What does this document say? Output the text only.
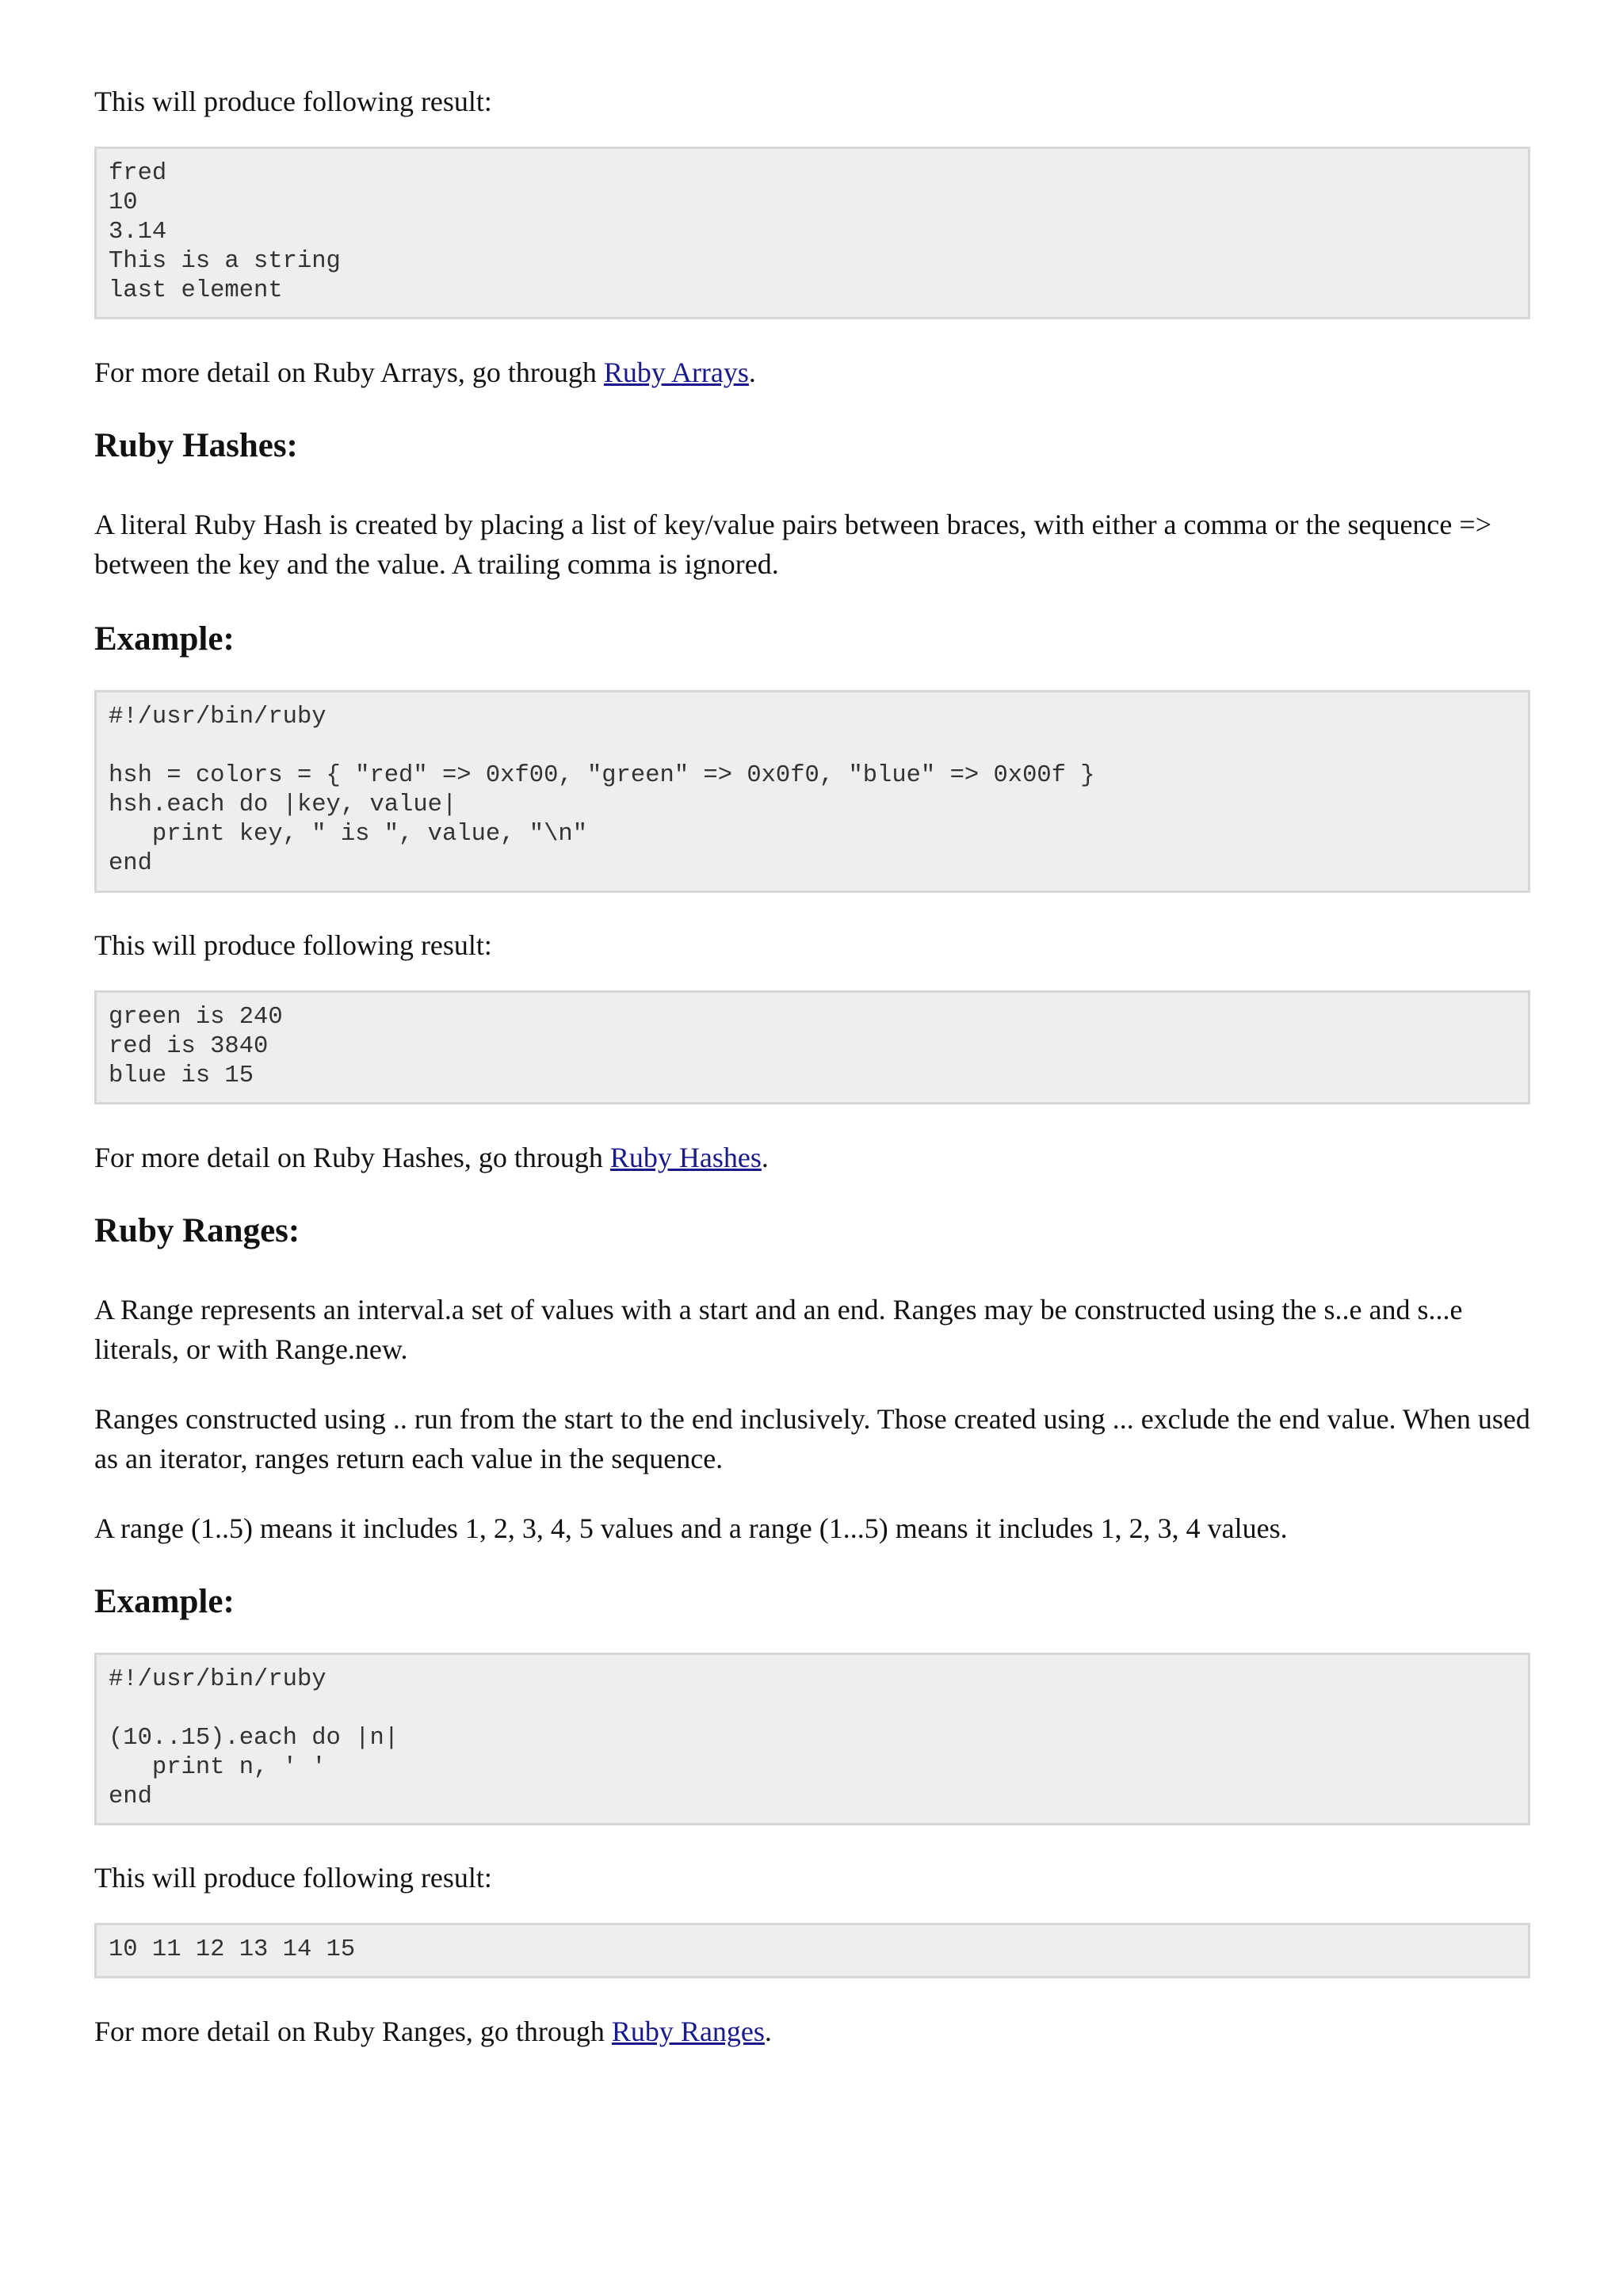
This will produce following result:

fred
10
3.14
This is a string
last element

For more detail on Ruby Arrays, go through Ruby Arrays.

Ruby Hashes:

A literal Ruby Hash is created by placing a list of key/value pairs between braces, with either a comma or the sequence => between the key and the value. A trailing comma is ignored.

Example:
#!/usr/bin/ruby

hsh = colors = { "red" => 0xf00, "green" => 0x0f0, "blue" => 0x00f }
hsh.each do |key, value|
print key, " is ", value, "\n"
end

This will produce following result:

green is 240
red is 3840
blue is 15

For more detail on Ruby Hashes, go through Ruby Hashes.

Ruby Ranges:

A Range represents an interval.a set of values with a start and an end. Ranges may be constructed using the s..e and s...e literals, or with Range.new.

Ranges constructed using .. run from the start to the end inclusively. Those created using ... exclude the end value. When used as an iterator, ranges return each value in the sequence.

A range (1..5) means it includes 1, 2, 3, 4, 5 values and a range (1...5) means it includes 1, 2, 3, 4 values.

Example:
#!/usr/bin/ruby

(10..15).each do |n|
print n, ' '
end

This will produce following result:

10 11 12 13 14 15

For more detail on Ruby Ranges, go through Ruby Ranges.
